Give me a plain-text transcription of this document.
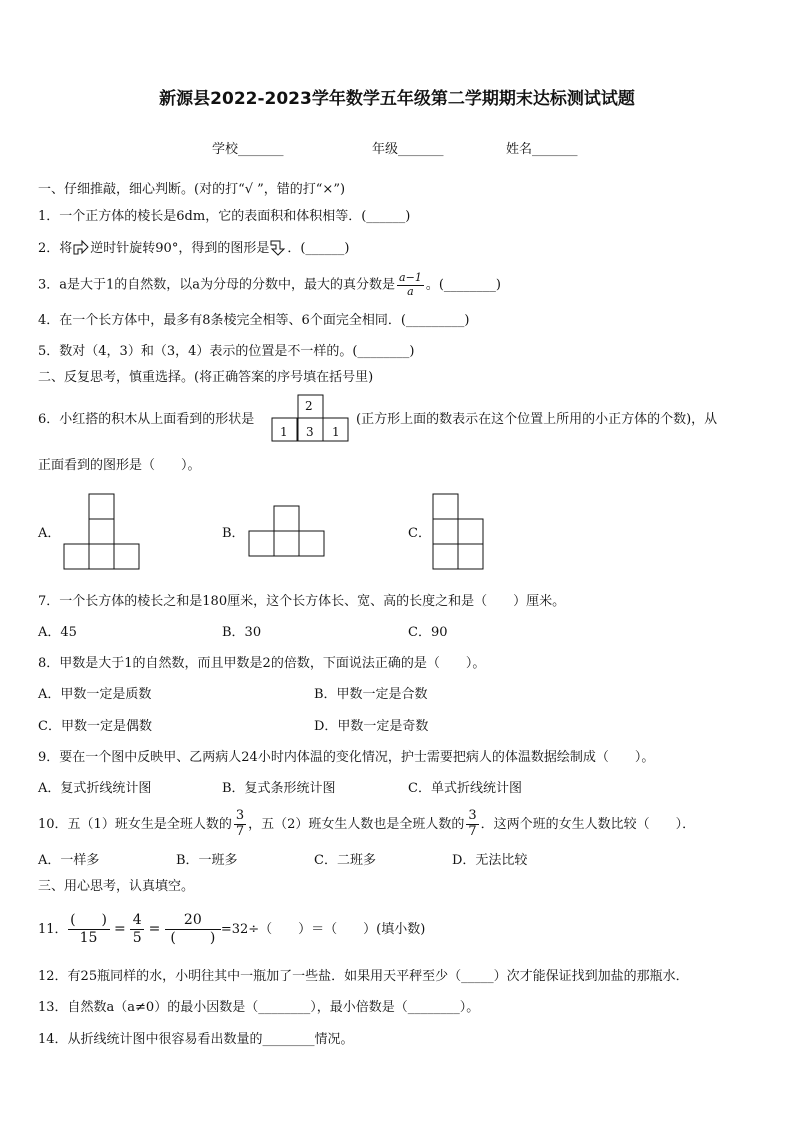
新源县2022-2023学年数学五年级第二学期期末达标测试试题
学校_______	年级_______	姓名_______
一、仔细推敲，细心判断。(对的打“√ ”，错的打“×”)
1．一个正方体的棱长是6dm，它的表面积和体积相等．(______)
2．将 逆时针旋转90°，得到的图形是 ．(______)
3．a是大于1的自然数，以a为分母的分数中，最大的真分数是 $\frac{a-1}{a}$ 。(________)
4．在一个长方体中，最多有8条棱完全相等、6个面完全相同．(_________)
5．数对（4，3）和（3，4）表示的位置是不一样的。(________)
二、反复思考，慎重选择。(将正确答案的序号填在括号里)
6．小红搭的积木从上面看到的形状是
2
1 3 1
(正方形上面的数表示在这个位置上所用的小正方体的个数)，从
正面看到的图形是（　　）。
A．	B．	C．
7．一个长方体的棱长之和是180厘米，这个长方体长、宽、高的长度之和是（　　）厘米。
A．45	B．30	C．90
8．甲数是大于1的自然数，而且甲数是2的倍数，下面说法正确的是（　　）。
A．甲数一定是质数	B．甲数一定是合数
C．甲数一定是偶数	D．甲数一定是奇数
9．要在一个图中反映甲、乙两病人24小时内体温的变化情况，护士需要把病人的体温数据绘制成（　　）。
A．复式折线统计图	B．复式条形统计图	C．单式折线统计图
10．五（1）班女生是全班人数的 $\frac{3}{7}$ ，五（2）班女生人数也是全班人数的 $\frac{3}{7}$ ．这两个班的女生人数比较（　　）．
A．一样多	B．一班多	C．二班多	D．无法比较
三、用心思考，认真填空。
11． $\frac{( )}{15} = \frac{4}{5} = \frac{20}{( )} =32\div$（　　）＝（　　）(填小数)
12．有25瓶同样的水，小明往其中一瓶加了一些盐．如果用天平秤至少（_____）次才能保证找到加盐的那瓶水．
13．自然数a（a≠0）的最小因数是（________），最小倍数是（________）。
14．从折线统计图中很容易看出数量的________情况。
